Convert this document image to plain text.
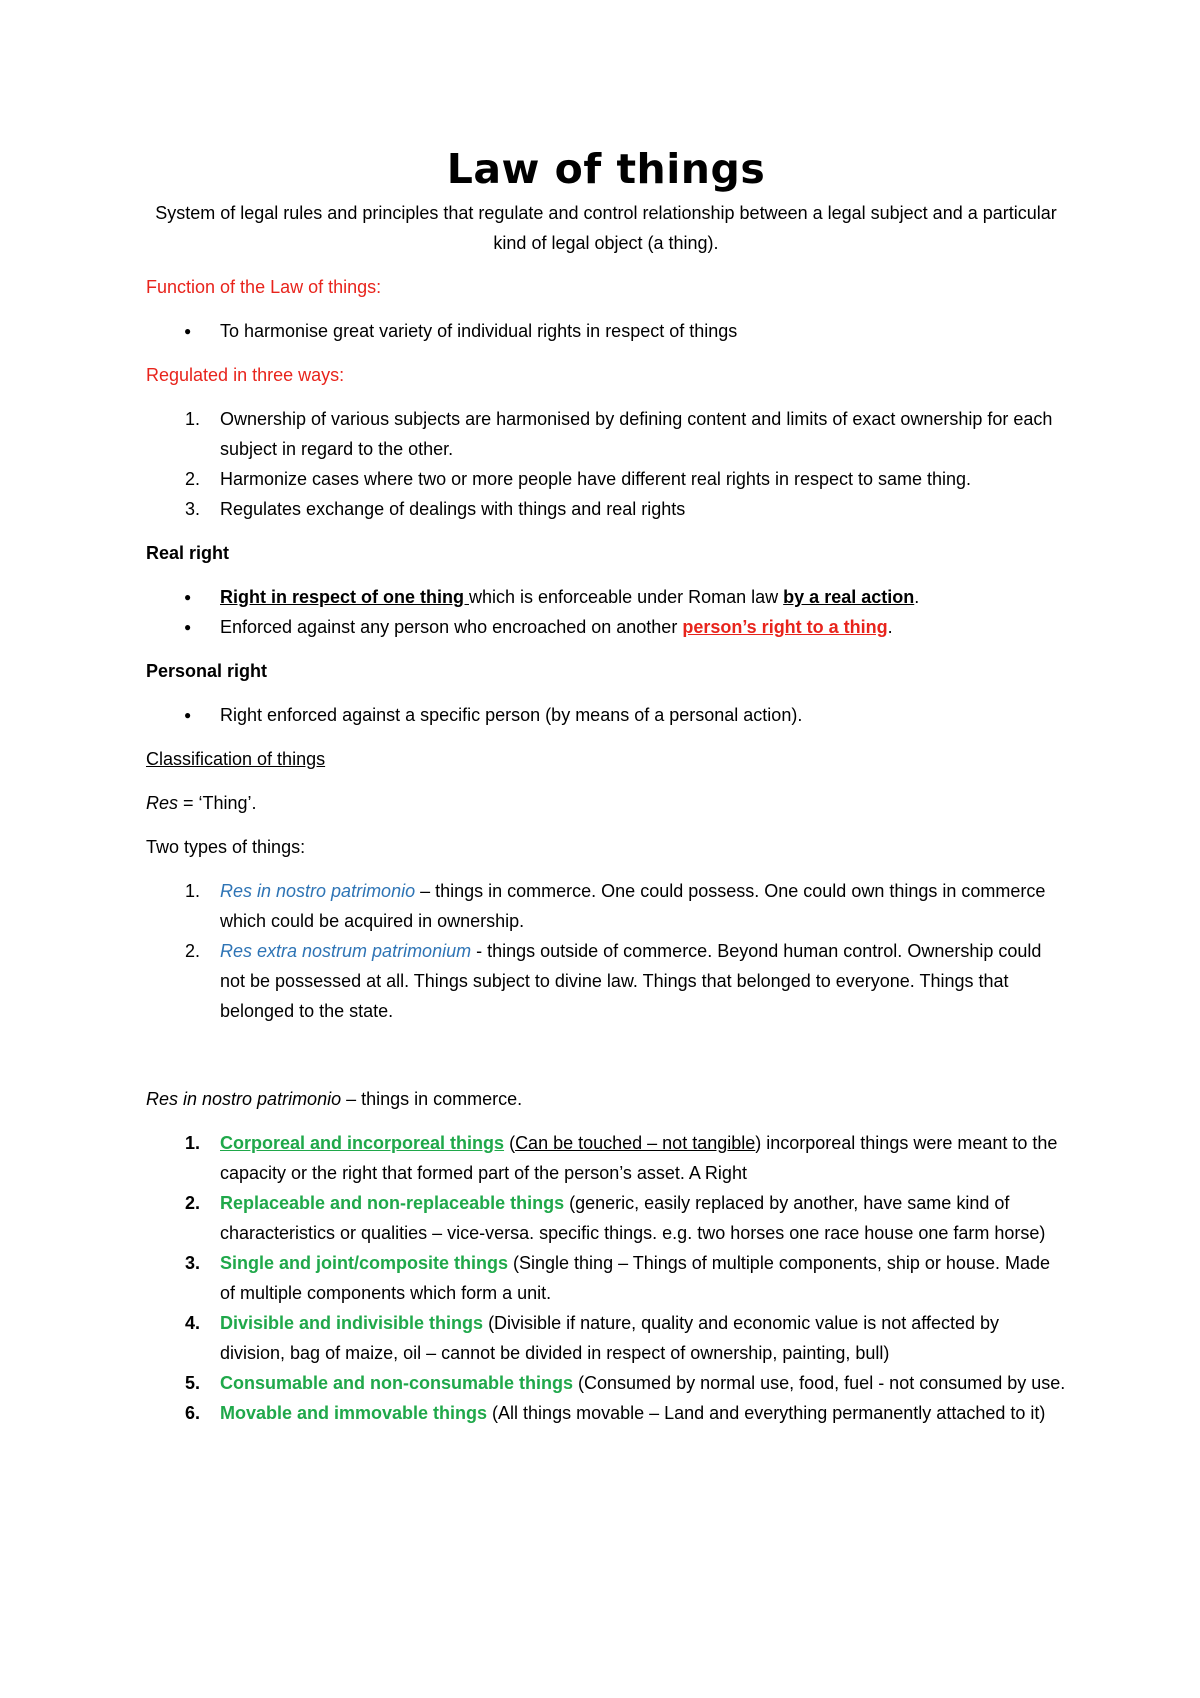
Law of things

System of legal rules and principles that regulate and control relationship between a legal subject and a particular kind of legal object (a thing).

Function of the Law of things:

● To harmonise great variety of individual rights in respect of things

Regulated in three ways:

1. Ownership of various subjects are harmonised by defining content and limits of exact ownership for each subject in regard to the other.
2. Harmonize cases where two or more people have different real rights in respect to same thing.
3. Regulates exchange of dealings with things and real rights

Real right

● Right in respect of one thing which is enforceable under Roman law by a real action.
● Enforced against any person who encroached on another person’s right to a thing.

Personal right

● Right enforced against a specific person (by means of a personal action).

Classification of things

Res = ‘Thing’.

Two types of things:

1. Res in nostro patrimonio – things in commerce. One could possess. One could own things in commerce which could be acquired in ownership.
2. Res extra nostrum patrimonium - things outside of commerce. Beyond human control. Ownership could not be possessed at all. Things subject to divine law. Things that belonged to everyone. Things that belonged to the state.

Res in nostro patrimonio – things in commerce.

1. Corporeal and incorporeal things (Can be touched – not tangible) incorporeal things were meant to the capacity or the right that formed part of the person’s asset. A Right
2. Replaceable and non-replaceable things (generic, easily replaced by another, have same kind of characteristics or qualities – vice-versa. specific things. e.g. two horses one race house one farm horse)
3. Single and joint/composite things (Single thing – Things of multiple components, ship or house. Made of multiple components which form a unit.
4. Divisible and indivisible things (Divisible if nature, quality and economic value is not affected by division, bag of maize, oil – cannot be divided in respect of ownership, painting, bull)
5. Consumable and non-consumable things (Consumed by normal use, food, fuel - not consumed by use.
6. Movable and immovable things (All things movable – Land and everything permanently attached to it)
